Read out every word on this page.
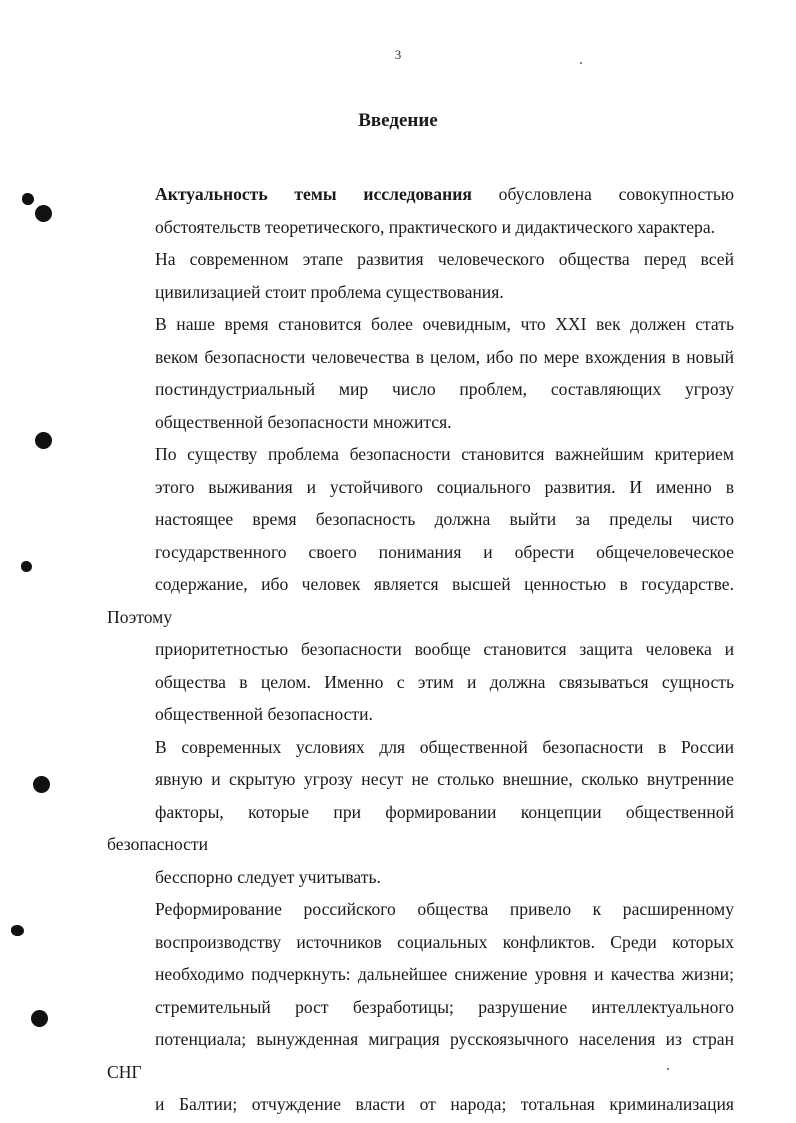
3
Введение

Актуальность темы исследования обусловлена совокупностью
обстоятельств теоретического, практического и дидактического характера.

На современном этапе развития человеческого общества перед всей
цивилизацией стоит проблема существования.

В наше время становится более очевидным, что XXI век должен стать
веком безопасности человечества в целом, ибо по мере вхождения в новый
постиндустриальный мир число проблем, составляющих угрозу
общественной безопасности множится.

По существу проблема безопасности становится важнейшим критерием
этого выживания и устойчивого социального развития. И именно в
настоящее время безопасность должна выйти за пределы чисто
государственного своего понимания и обрести общечеловеческое
содержание, ибо человек является высшей ценностью в государстве. Поэтому
приоритетностью безопасности вообще становится защита человека и
общества в целом. Именно с этим и должна связываться сущность
общественной безопасности.

В современных условиях для общественной безопасности в России
явную и скрытую угрозу несут не столько внешние, сколько внутренние
факторы, которые при формировании концепции общественной безопасности
бесспорно следует учитывать.

Реформирование российского общества привело к расширенному
воспроизводству источников социальных конфликтов. Среди которых
необходимо подчеркнуть: дальнейшее снижение уровня и качества жизни;
стремительный рост безработицы; разрушение интеллектуального
потенциала; вынужденная миграция русскоязычного населения из стран СНГ
и Балтии; отчуждение власти от народа; тотальная криминализация
